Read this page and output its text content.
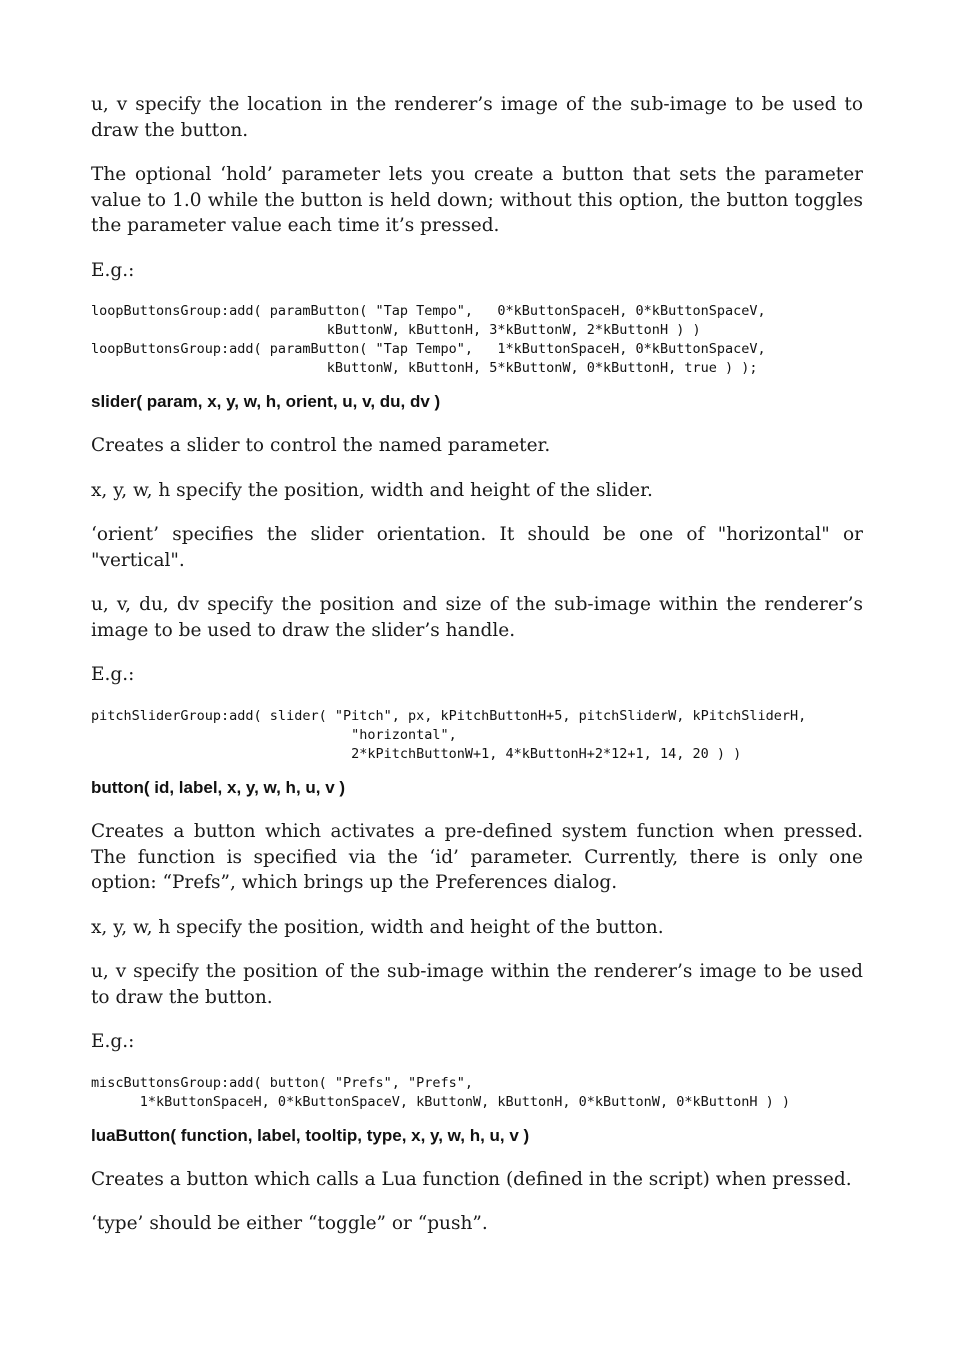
u, v specify the location in the renderer’s image of the sub-image to be used to draw the button.

The optional ‘hold’ parameter lets you create a button that sets the parameter value to 1.0 while the button is held down; without this option, the button toggles the parameter value each time it’s pressed.

E.g.:

loopButtonsGroup:add( paramButton( "Tap Tempo",   0*kButtonSpaceH, 0*kButtonSpaceV,
kButtonW, kButtonH, 3*kButtonW, 2*kButtonH ) )
loopButtonsGroup:add( paramButton( "Tap Tempo",   1*kButtonSpaceH, 0*kButtonSpaceV,
kButtonW, kButtonH, 5*kButtonW, 0*kButtonH, true ) );
slider( param, x, y, w, h, orient, u, v, du, dv )

Creates a slider to control the named parameter.

x, y, w, h specify the position, width and height of the slider.

‘orient’ specifies the slider orientation. It should be one of "horizontal" or "vertical".

u, v, du, dv specify the position and size of the sub-image within the renderer’s image to be used to draw the slider’s handle.

E.g.:

pitchSliderGroup:add( slider( "Pitch", px, kPitchButtonH+5, pitchSliderW, kPitchSliderH,
"horizontal",
2*kPitchButtonW+1, 4*kButtonH+2*12+1, 14, 20 ) )
button( id, label, x, y, w, h, u, v )

Creates a button which activates a pre-defined system function when pressed. The function is specified via the ‘id’ parameter. Currently, there is only one option: “Prefs”, which brings up the Preferences dialog.

x, y, w, h specify the position, width and height of the button.

u, v specify the position of the sub-image within the renderer’s image to be used to draw the button.

E.g.:

miscButtonsGroup:add( button( "Prefs", "Prefs",
1*kButtonSpaceH, 0*kButtonSpaceV, kButtonW, kButtonH, 0*kButtonW, 0*kButtonH ) )
luaButton( function, label, tooltip, type, x, y, w, h, u, v )

Creates a button which calls a Lua function (defined in the script) when pressed.

‘type’ should be either “toggle” or “push”.
